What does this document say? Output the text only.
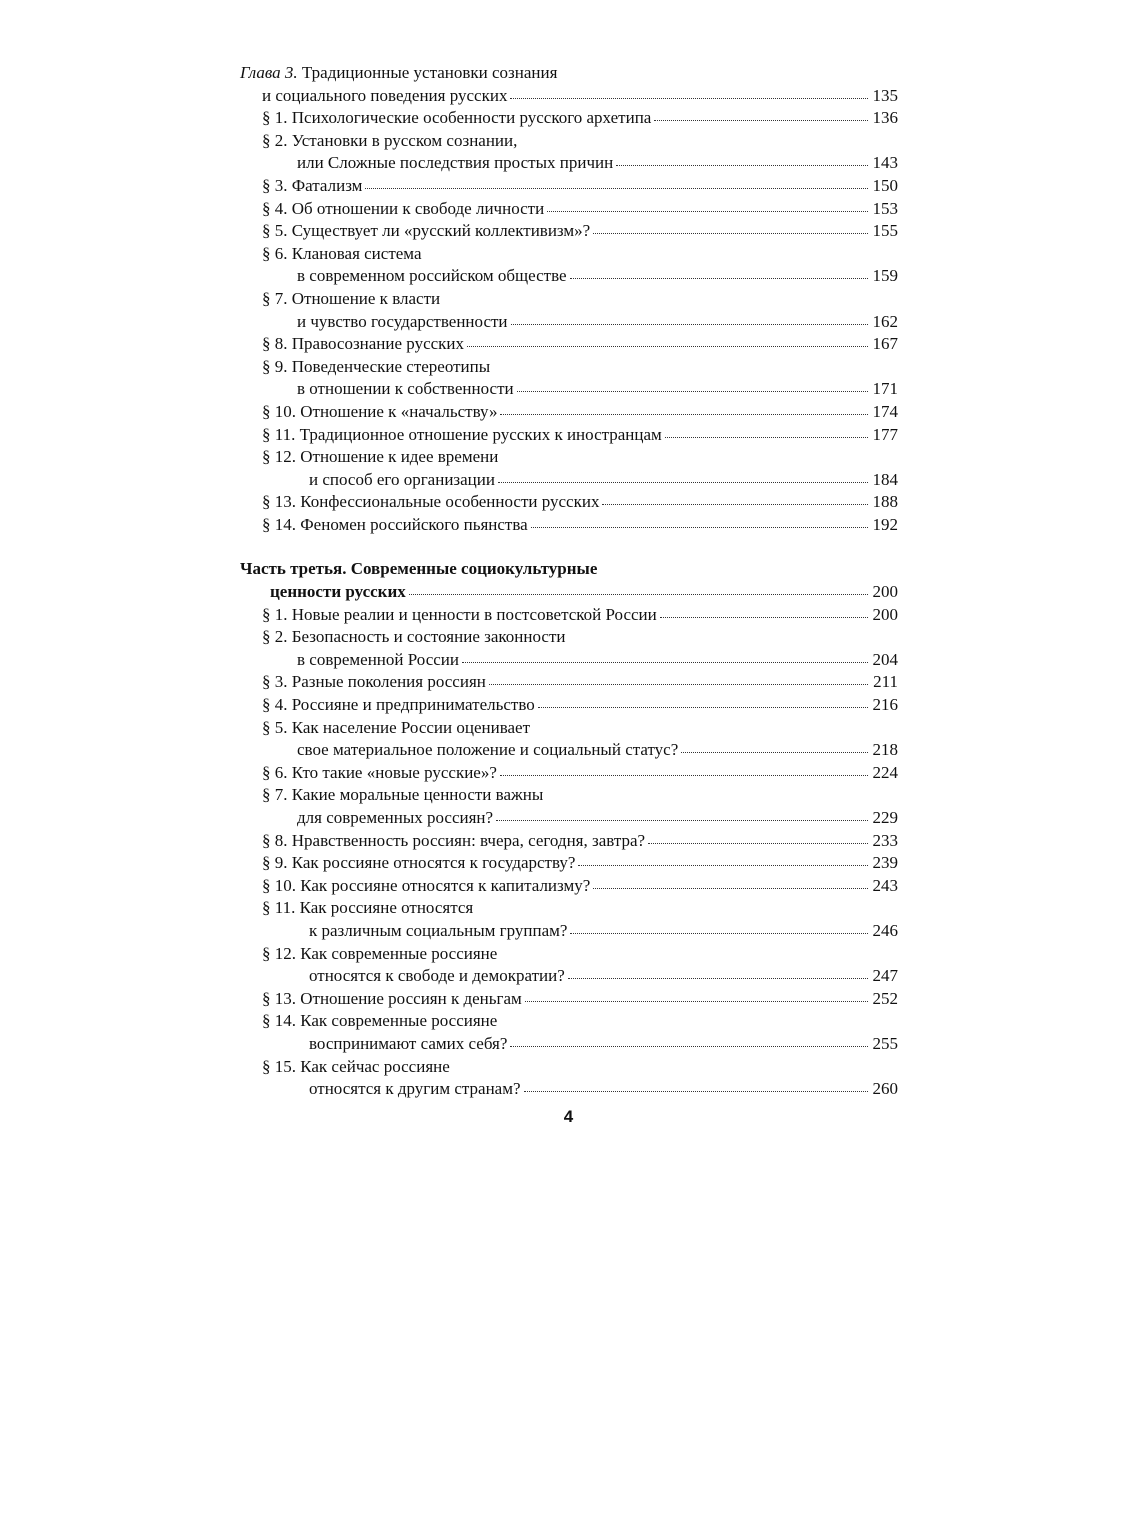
Глава 3.
Традиционные установки сознания
и социального поведения русских	135
§ 1. Психологические особенности русского архетипа	136
§ 2. Установки в русском сознании,
или Сложные последствия простых причин	143
§ 3. Фатализм	150
§ 4. Об отношении к свободе личности	153
§ 5. Существует ли «русский коллективизм»?	155
§ 6. Клановая система
в современном российском обществе	159
§ 7. Отношение к власти
и чувство государственности	162
§ 8. Правосознание русских	167
§ 9. Поведенческие стереотипы
в отношении к собственности	171
§ 10. Отношение к «начальству»	174
§ 11. Традиционное отношение русских к иностранцам	177
§ 12. Отношение к идее времени
и способ его организации	184
§ 13. Конфессиональные особенности русских	188
§ 14. Феномен российского пьянства	192
Часть третья. Современные социокультурные
ценности русских	200
§ 1. Новые реалии и ценности в постсоветской России	200
§ 2. Безопасность и состояние законности
в современной России	204
§ 3. Разные поколения россиян	211
§ 4. Россияне и предпринимательство	216
§ 5. Как население России оценивает
свое материальное положение и социальный статус?	218
§ 6. Кто такие «новые русские»?	224
§ 7. Какие моральные ценности важны
для современных россиян?	229
§ 8. Нравственность россиян: вчера, сегодня, завтра?	233
§ 9. Как россияне относятся к государству?	239
§ 10. Как россияне относятся к капитализму?	243
§ 11. Как россияне относятся
к различным социальным группам?	246
§ 12. Как современные россияне
относятся к свободе и демократии?	247
§ 13. Отношение россиян к деньгам	252
§ 14. Как современные россияне
воспринимают самих себя?	255
§ 15. Как сейчас россияне
относятся к другим странам?	260
4
